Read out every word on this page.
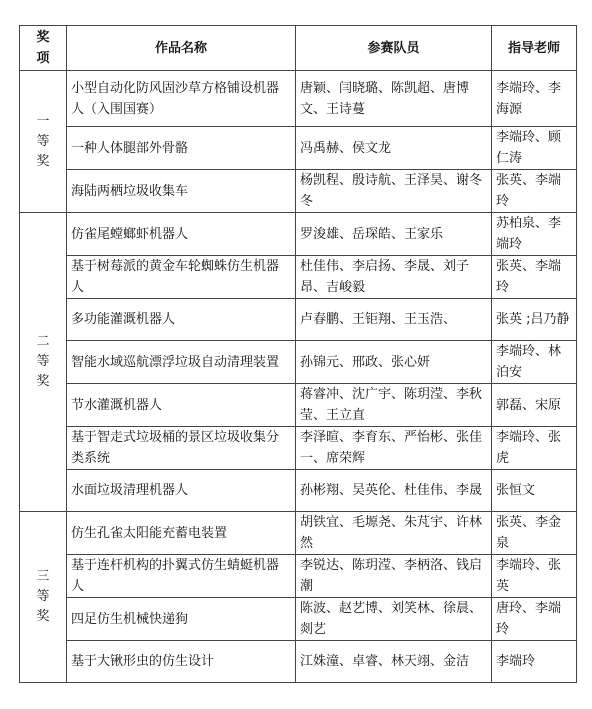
奖项	作品名称	参赛队员	指导老师
一等奖	小型自动化防风固沙草方格铺设机器人（入围国赛）	唐颖、闫晓璐、陈凯超、唐博文、王诗蔓	李端玲、李海源
	一种人体腿部外骨骼	冯禹赫、侯文龙	李端玲、顾仁涛
	海陆两栖垃圾收集车	杨凯程、殷诗航、王泽昊、谢冬冬	张英、李端玲
二等奖	仿雀尾螳螂虾机器人	罗浚雄、岳琛皓、王家乐	苏柏泉、李端玲
	基于树莓派的黄金车轮蜘蛛仿生机器人	杜佳伟、李启扬、李晟、刘子昂、吉峻毅	张英、李端玲
	多功能灌溉机器人	卢春鹏、王钜翔、王玉浩、	张英 ;吕乃静
	智能水域巡航漂浮垃圾自动清理装置	孙锦元、邢政、张心妍	李端玲、林泊安
	节水灌溉机器人	蒋睿冲、沈广宇、陈玥滢、李秋莹、王立直	郭磊、宋原
	基于智走式垃圾桶的景区垃圾收集分类系统	李泽暄、李育东、严怡彬、张佳一、席荣辉	李端玲、张虎
	水面垃圾清理机器人	孙彬翔、吴英伦、杜佳伟、李晟	张恒文
三等奖	仿生孔雀太阳能充蓄电装置	胡铁宜、毛塬尧、朱芃宇、许林然	张英、李金泉
	基于连杆机构的扑翼式仿生蜻蜓机器人	李锐达、陈玥滢、李柄洛、钱启潮	李端玲、张英
	四足仿生机械快递狗	陈波、赵艺博、刘笑林、徐晨、剡艺	唐玲、李端玲
	基于大锹形虫的仿生设计	江姝潼、卓睿、林天翊、金洁	李端玲
